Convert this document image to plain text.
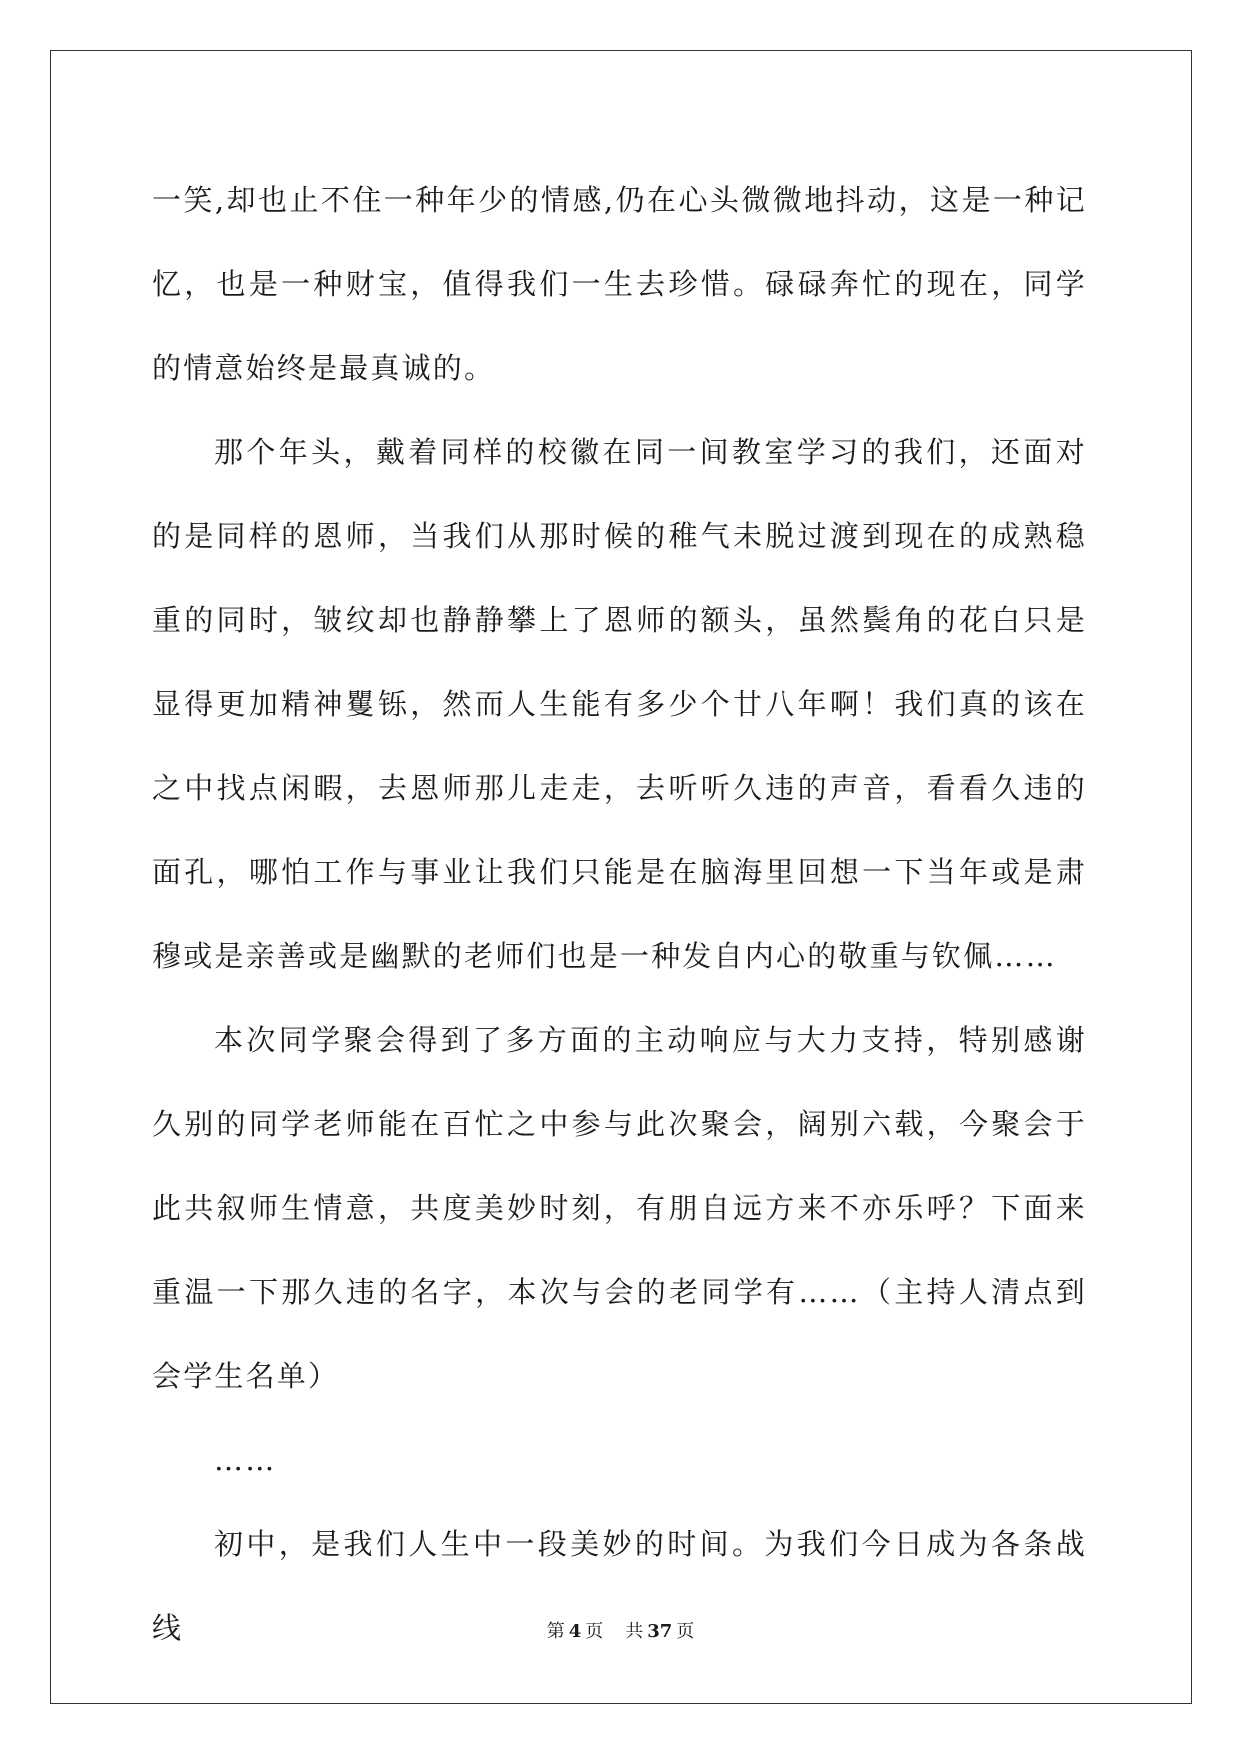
一笑,却也止不住一种年少的情感,仍在心头微微地抖动，这是一种记忆，也是一种财宝，值得我们一生去珍惜。碌碌奔忙的现在，同学的情意始终是最真诚的。

那个年头，戴着同样的校徽在同一间教室学习的我们，还面对的是同样的恩师，当我们从那时候的稚气未脱过渡到现在的成熟稳重的同时，皱纹却也静静攀上了恩师的额头，虽然鬓角的花白只是显得更加精神矍铄，然而人生能有多少个廿八年啊！我们真的该在之中找点闲暇，去恩师那儿走走，去听听久违的声音，看看久违的面孔，哪怕工作与事业让我们只能是在脑海里回想一下当年或是肃穆或是亲善或是幽默的老师们也是一种发自内心的敬重与钦佩……

本次同学聚会得到了多方面的主动响应与大力支持，特别感谢久别的同学老师能在百忙之中参与此次聚会，阔别六载，今聚会于此共叙师生情意，共度美妙时刻，有朋自远方来不亦乐呼？下面来重温一下那久违的名字，本次与会的老同学有……（主持人清点到会学生名单）

……

初中，是我们人生中一段美妙的时间。为我们今日成为各条战线	第 4 页 共 37 页
